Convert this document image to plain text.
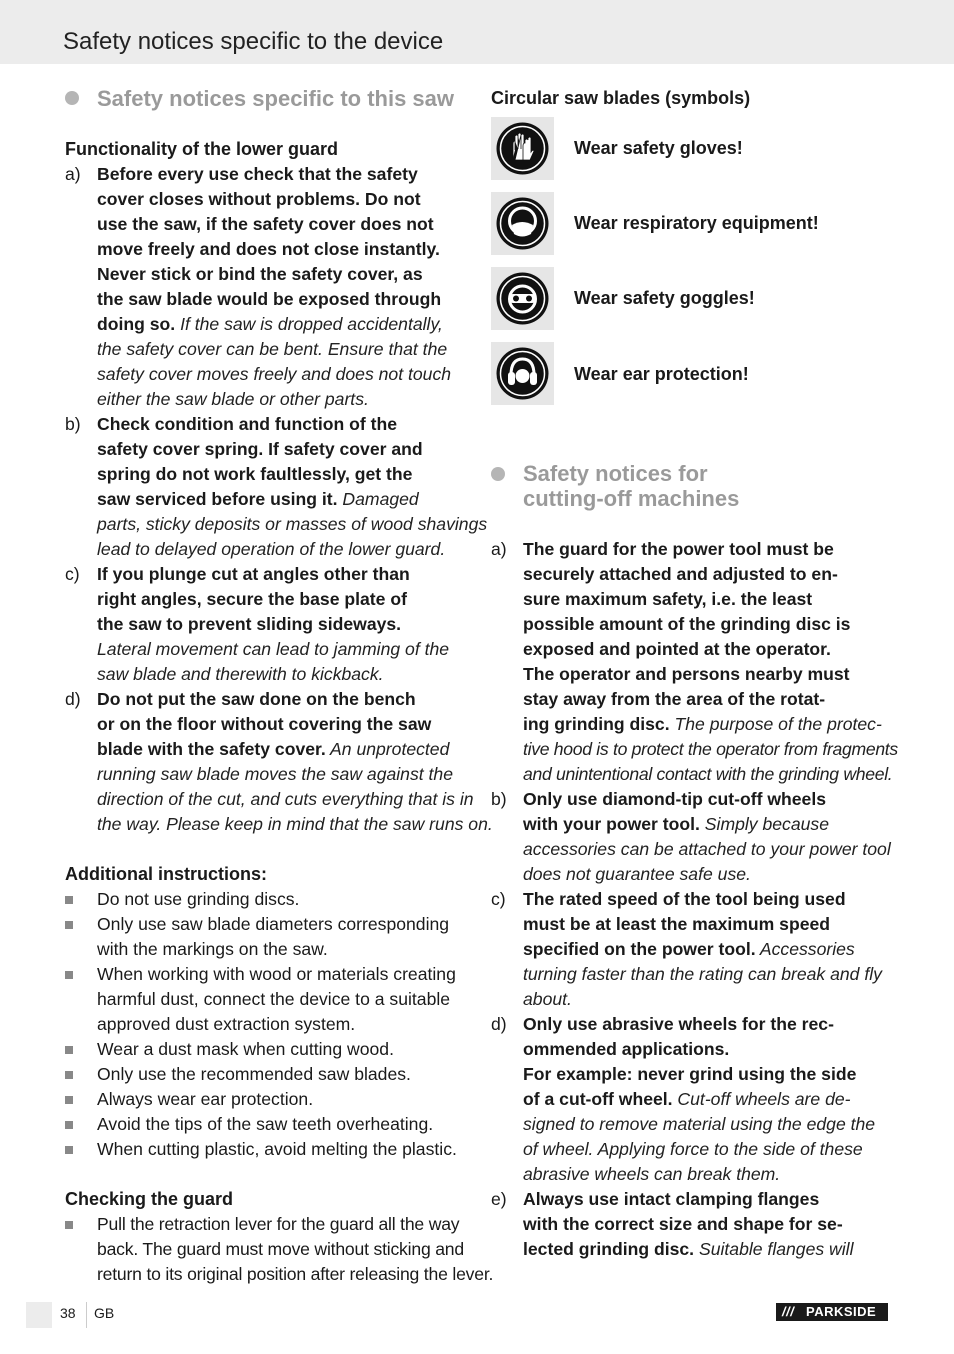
Safety notices specific to the device
Safety notices specific to this saw
Functionality of the lower guard
a) Before every use check that the safety
cover closes without problems. Do not
use the saw, if the safety cover does not
move freely and does not close instantly.
Never stick or bind the safety cover, as
the saw blade would be exposed through
doing so. If the saw is dropped accidentally,
the safety cover can be bent. Ensure that the
safety cover moves freely and does not touch
either the saw blade or other parts.
b) Check condition and function of the
safety cover spring. If safety cover and
spring do not work faultlessly, get the
saw serviced before using it. Damaged
parts, sticky deposits or masses of wood shavings
lead to delayed operation of the lower guard.
c) If you plunge cut at angles other than
right angles, secure the base plate of
the saw to prevent sliding sideways.
Lateral movement can lead to jamming of the
saw blade and therewith to kickback.
d) Do not put the saw done on the bench
or on the floor without covering the saw
blade with the safety cover. An unprotected
running saw blade moves the saw against the
direction of the cut, and cuts everything that is in
the way. Please keep in mind that the saw runs on.
Additional instructions:
Do not use grinding discs.
Only use saw blade diameters corresponding
with the markings on the saw.
When working with wood or materials creating
harmful dust, connect the device to a suitable
approved dust extraction system.
Wear a dust mask when cutting wood.
Only use the recommended saw blades.
Always wear ear protection.
Avoid the tips of the saw teeth overheating.
When cutting plastic, avoid melting the plastic.
Checking the guard
Pull the retraction lever for the guard all the way
back. The guard must move without sticking and
return to its original position after releasing the lever.
Circular saw blades (symbols)
Wear safety gloves!
Wear respiratory equipment!
Wear safety goggles!
Wear ear protection!
Safety notices for
cutting-off machines
a) The guard for the power tool must be
securely attached and adjusted to en-
sure maximum safety, i.e. the least
possible amount of the grinding disc is
exposed and pointed at the operator.
The operator and persons nearby must
stay away from the area of the rotat-
ing grinding disc. The purpose of the protec-
tive hood is to protect the operator from fragments
and unintentional contact with the grinding wheel.
b) Only use diamond-tip cut-off wheels
with your power tool. Simply because
accessories can be attached to your power tool
does not guarantee safe use.
c) The rated speed of the tool being used
must be at least the maximum speed
specified on the power tool. Accessories
turning faster than the rating can break and fly
about.
d) Only use abrasive wheels for the rec-
ommended applications.
For example: never grind using the side
of a cut-off wheel. Cut-off wheels are de-
signed to remove material using the edge the
of wheel. Applying force to the side of these
abrasive wheels can break them.
e) Always use intact clamping flanges
with the correct size and shape for se-
lected grinding disc. Suitable flanges will
38 GB	/// PARKSIDE
